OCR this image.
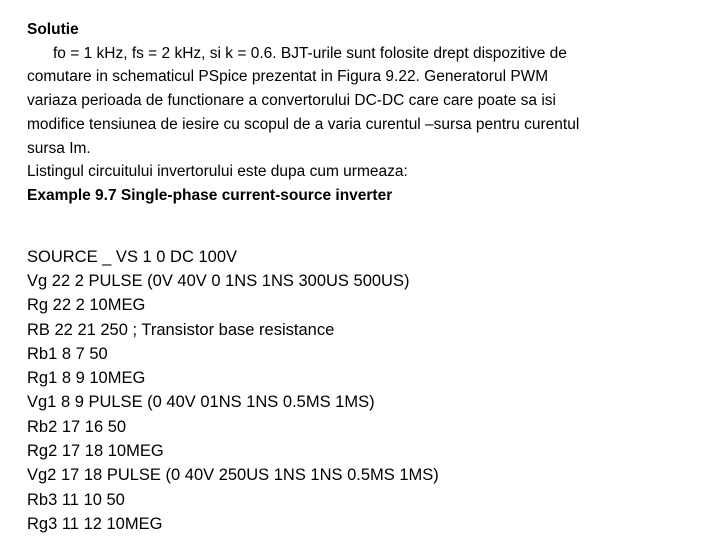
Solutie
fo = 1 kHz, fs = 2 kHz, si k = 0.6. BJT-urile sunt folosite drept dispozitive de
comutare in schematicul PSpice prezentat in Figura 9.22. Generatorul PWM
variaza perioada de functionare a convertorului DC-DC care care poate sa isi
modifice tensiunea de iesire cu scopul de a varia curentul –sursa pentru curentul
sursa Im.
Listingul circuitului invertorului este dupa cum urmeaza:
Example 9.7 Single-phase current-source inverter
SOURCE _ VS 1 0 DC 100V
Vg 22 2 PULSE (0V 40V 0 1NS 1NS 300US 500US)
Rg 22 2 10MEG
RB 22 21 250 ; Transistor base resistance
Rb1 8 7 50
Rg1 8 9 10MEG
Vg1 8 9 PULSE (0 40V 01NS 1NS 0.5MS 1MS)
Rb2 17 16 50
Rg2 17 18 10MEG
Vg2 17 18 PULSE (0 40V 250US 1NS 1NS 0.5MS 1MS)
Rb3 11 10 50
Rg3 11 12 10MEG
